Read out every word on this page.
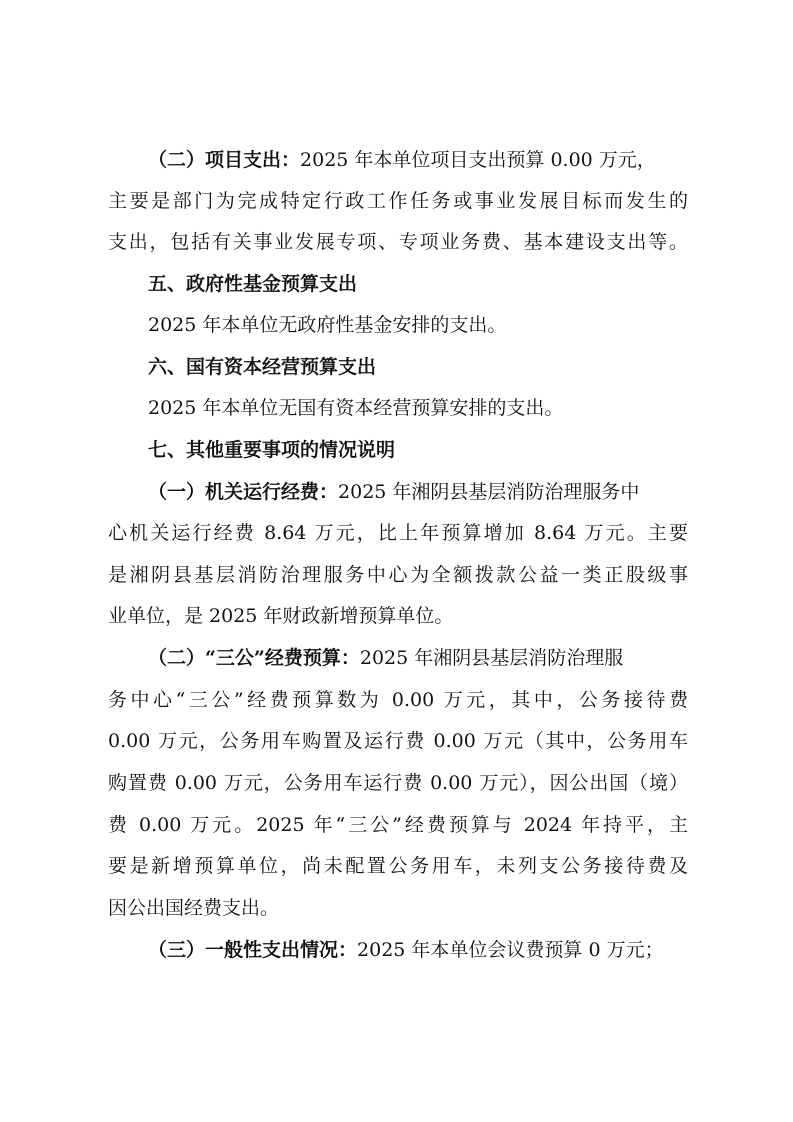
（二）项目支出：2025 年本单位项目支出预算 0.00 万元，
主要是部门为完成特定行政工作任务或事业发展目标而发生的
支出，包括有关事业发展专项、专项业务费、基本建设支出等。
五、政府性基金预算支出
2025 年本单位无政府性基金安排的支出。
六、国有资本经营预算支出
2025 年本单位无国有资本经营预算安排的支出。
七、其他重要事项的情况说明
（一）机关运行经费：2025 年湘阴县基层消防治理服务中
心机关运行经费 8.64 万元，比上年预算增加 8.64 万元。主要
是湘阴县基层消防治理服务中心为全额拨款公益一类正股级事
业单位，是 2025 年财政新增预算单位。
（二）“三公”经费预算：2025 年湘阴县基层消防治理服
务中心“三公”经费预算数为 0.00 万元，其中，公务接待费
0.00 万元，公务用车购置及运行费 0.00 万元（其中，公务用车
购置费 0.00 万元，公务用车运行费 0.00 万元），因公出国（境）
费 0.00 万元。2025 年“三公”经费预算与 2024 年持平，主
要是新增预算单位，尚未配置公务用车，未列支公务接待费及
因公出国经费支出。
（三）一般性支出情况：2025 年本单位会议费预算 0 万元；
